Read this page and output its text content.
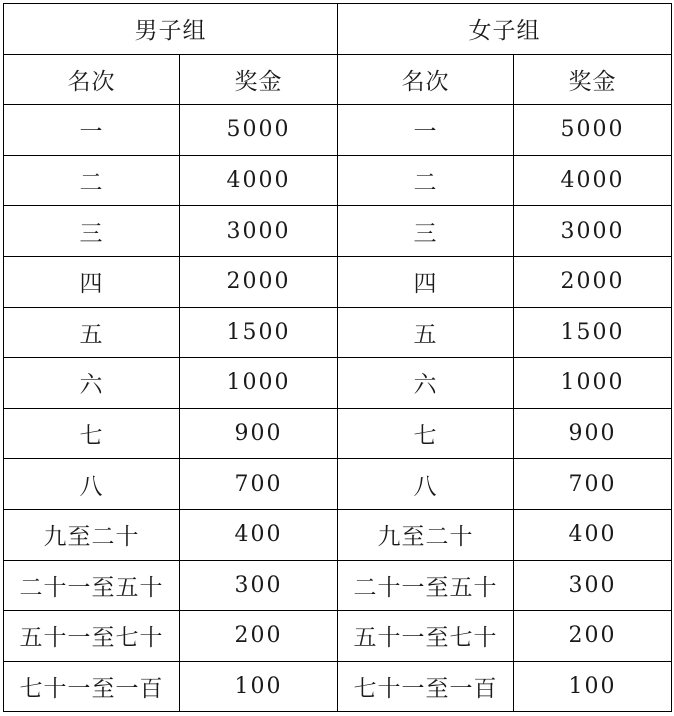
男子组		女子组	
名次	奖金	名次	奖金
一	5000	一	5000
二	4000	二	4000
三	3000	三	3000
四	2000	四	2000
五	1500	五	1500
六	1000	六	1000
七	900	七	900
八	700	八	700
九至二十	400	九至二十	400
二十一至五十	300	二十一至五十	300
五十一至七十	200	五十一至七十	200
七十一至一百	100	七十一至一百	100
